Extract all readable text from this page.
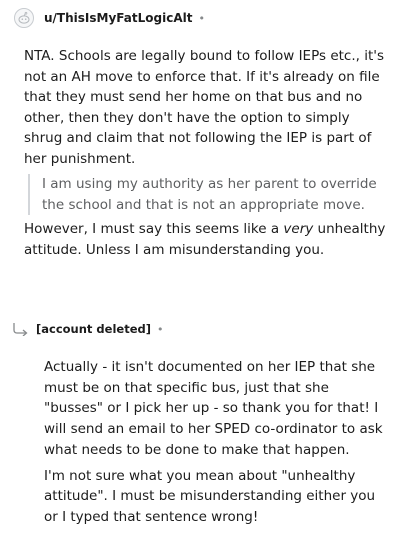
u/ThisIsMyFatLogicAlt •

NTA. Schools are legally bound to follow IEPs etc., it's not an AH move to enforce that. If it's already on file that they must send her home on that bus and no other, then they don't have the option to simply shrug and claim that not following the IEP is part of her punishment.

I am using my authority as her parent to override the school and that is not an appropriate move.

However, I must say this seems like a very unhealthy attitude. Unless I am misunderstanding you.

[account deleted] •

Actually - it isn't documented on her IEP that she must be on that specific bus, just that she "busses" or I pick her up - so thank you for that! I will send an email to her SPED co-ordinator to ask what needs to be done to make that happen.

I'm not sure what you mean about "unhealthy attitude". I must be misunderstanding either you or I typed that sentence wrong!
